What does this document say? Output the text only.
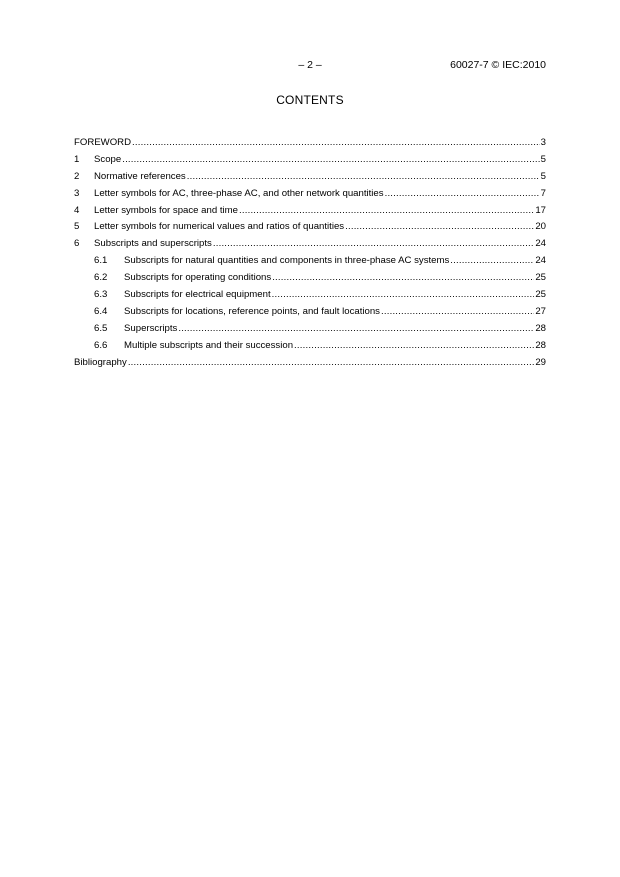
– 2 –	60027-7 © IEC:2010
CONTENTS
FOREWORD .....	3
1	Scope .....	5
2	Normative references .....	5
3	Letter symbols for AC, three-phase AC, and other network quantities .....	7
4	Letter symbols for space and time .....	17
5	Letter symbols for numerical values and ratios of quantities .....	20
6	Subscripts and superscripts .....	24
6.1	Subscripts for natural quantities and components in three-phase AC systems .....	24
6.2	Subscripts for operating conditions .....	25
6.3	Subscripts for electrical equipment .....	25
6.4	Subscripts for locations, reference points, and fault locations .....	27
6.5	Superscripts .....	28
6.6	Multiple subscripts and their succession .....	28
Bibliography .....	29
